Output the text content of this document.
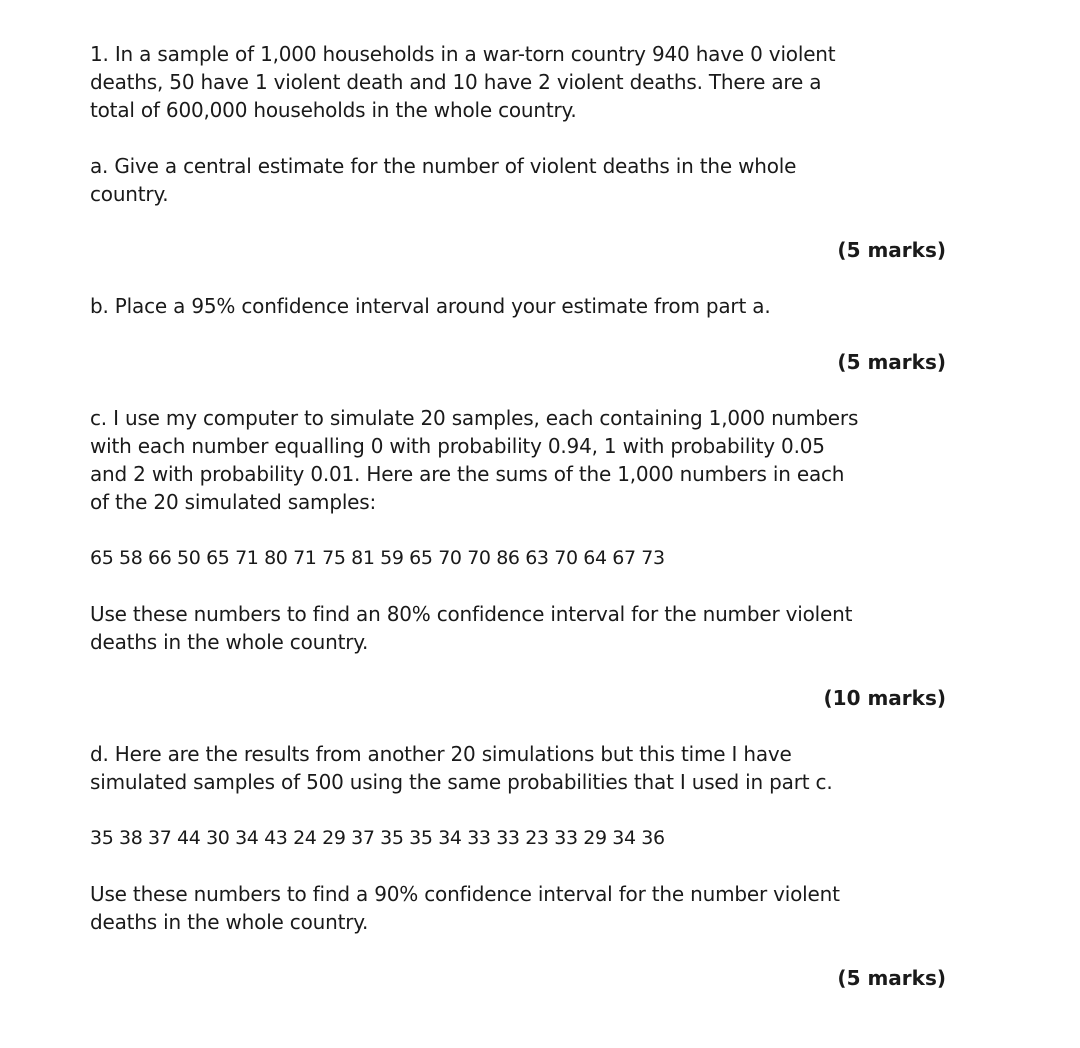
1. In a sample of 1,000 households in a war-torn country 940 have 0 violent
deaths, 50 have 1 violent death and 10 have 2 violent deaths. There are a
total of 600,000 households in the whole country.

a. Give a central estimate for the number of violent deaths in the whole
country.

(5 marks)

b. Place a 95% confidence interval around your estimate from part a.

(5 marks)

c. I use my computer to simulate 20 samples, each containing 1,000 numbers
with each number equalling 0 with probability 0.94, 1 with probability 0.05
and 2 with probability 0.01. Here are the sums of the 1,000 numbers in each
of the 20 simulated samples:

65 58 66 50 65 71 80 71 75 81 59 65 70 70 86 63 70 64 67 73

Use these numbers to find an 80% confidence interval for the number violent
deaths in the whole country.

(10 marks)

d. Here are the results from another 20 simulations but this time I have
simulated samples of 500 using the same probabilities that I used in part c.

35 38 37 44 30 34 43 24 29 37 35 35 34 33 33 23 33 29 34 36

Use these numbers to find a 90% confidence interval for the number violent
deaths in the whole country.

(5 marks)
